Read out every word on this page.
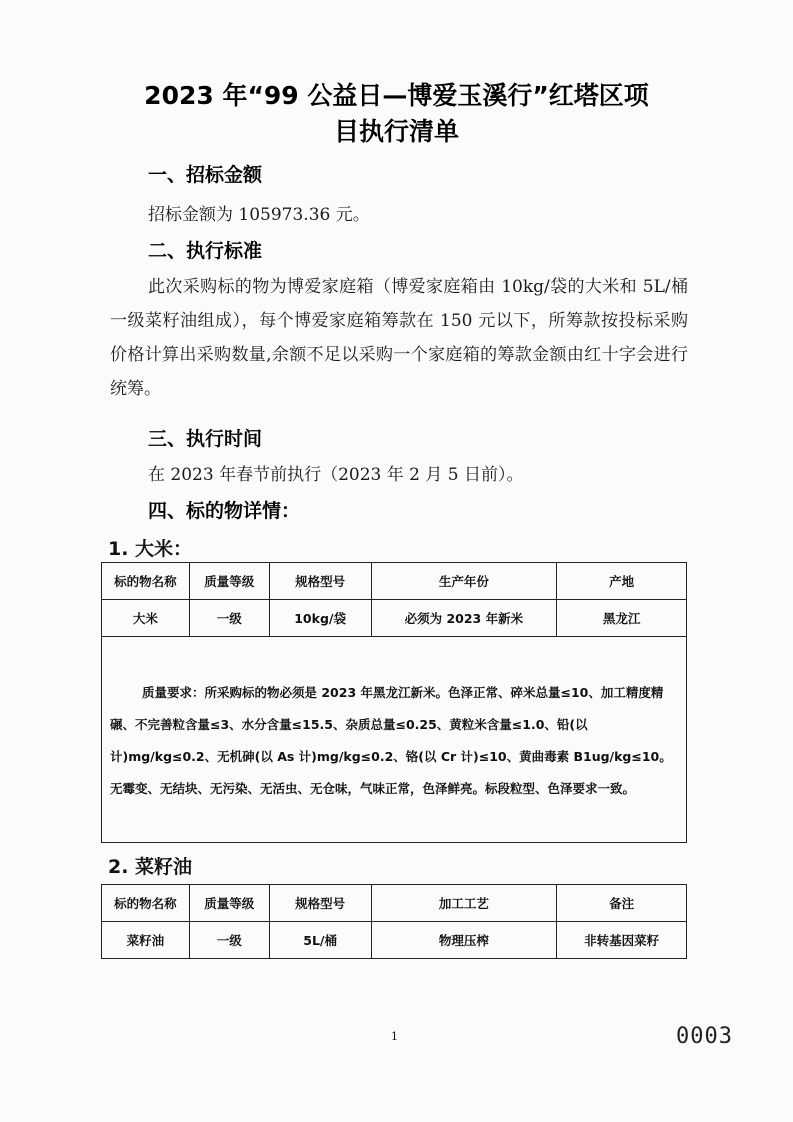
2023 年“99 公益日—博爱玉溪行”红塔区项
目执行清单
一、招标金额
招标金额为 105973.36 元。
二、执行标准
此次采购标的物为博爱家庭箱（博爱家庭箱由 10kg/袋的大米和 5L/桶一级菜籽油组成），每个博爱家庭箱筹款在 150 元以下，所筹款按投标采购价格计算出采购数量,余额不足以采购一个家庭箱的筹款金额由红十字会进行统筹。
三、执行时间
在 2023 年春节前执行（2023 年 2 月 5 日前）。
四、标的物详情：
1. 大米：
标的物名称	质量等级	规格型号	生产年份	产地
大米	一级	10kg/袋	必须为 2023 年新米	黑龙江
质量要求：所采购标的物必须是 2023 年黑龙江新米。色泽正常、碎米总量≤10、加工精度精碾、不完善粒含量≤3、水分含量≤15.5、杂质总量≤0.25、黄粒米含量≤1.0、铅(以计)mg/kg≤0.2、无机砷(以 As 计)mg/kg≤0.2、铬(以 Cr 计)≤10、黄曲毒素 B1ug/kg≤10。无霉变、无结块、无污染、无活虫、无仓味，气味正常，色泽鲜亮。标段粒型、色泽要求一致。				
2. 菜籽油
标的物名称	质量等级	规格型号	加工工艺	备注
菜籽油	一级	5L/桶	物理压榨	非转基因菜籽
1	0003
